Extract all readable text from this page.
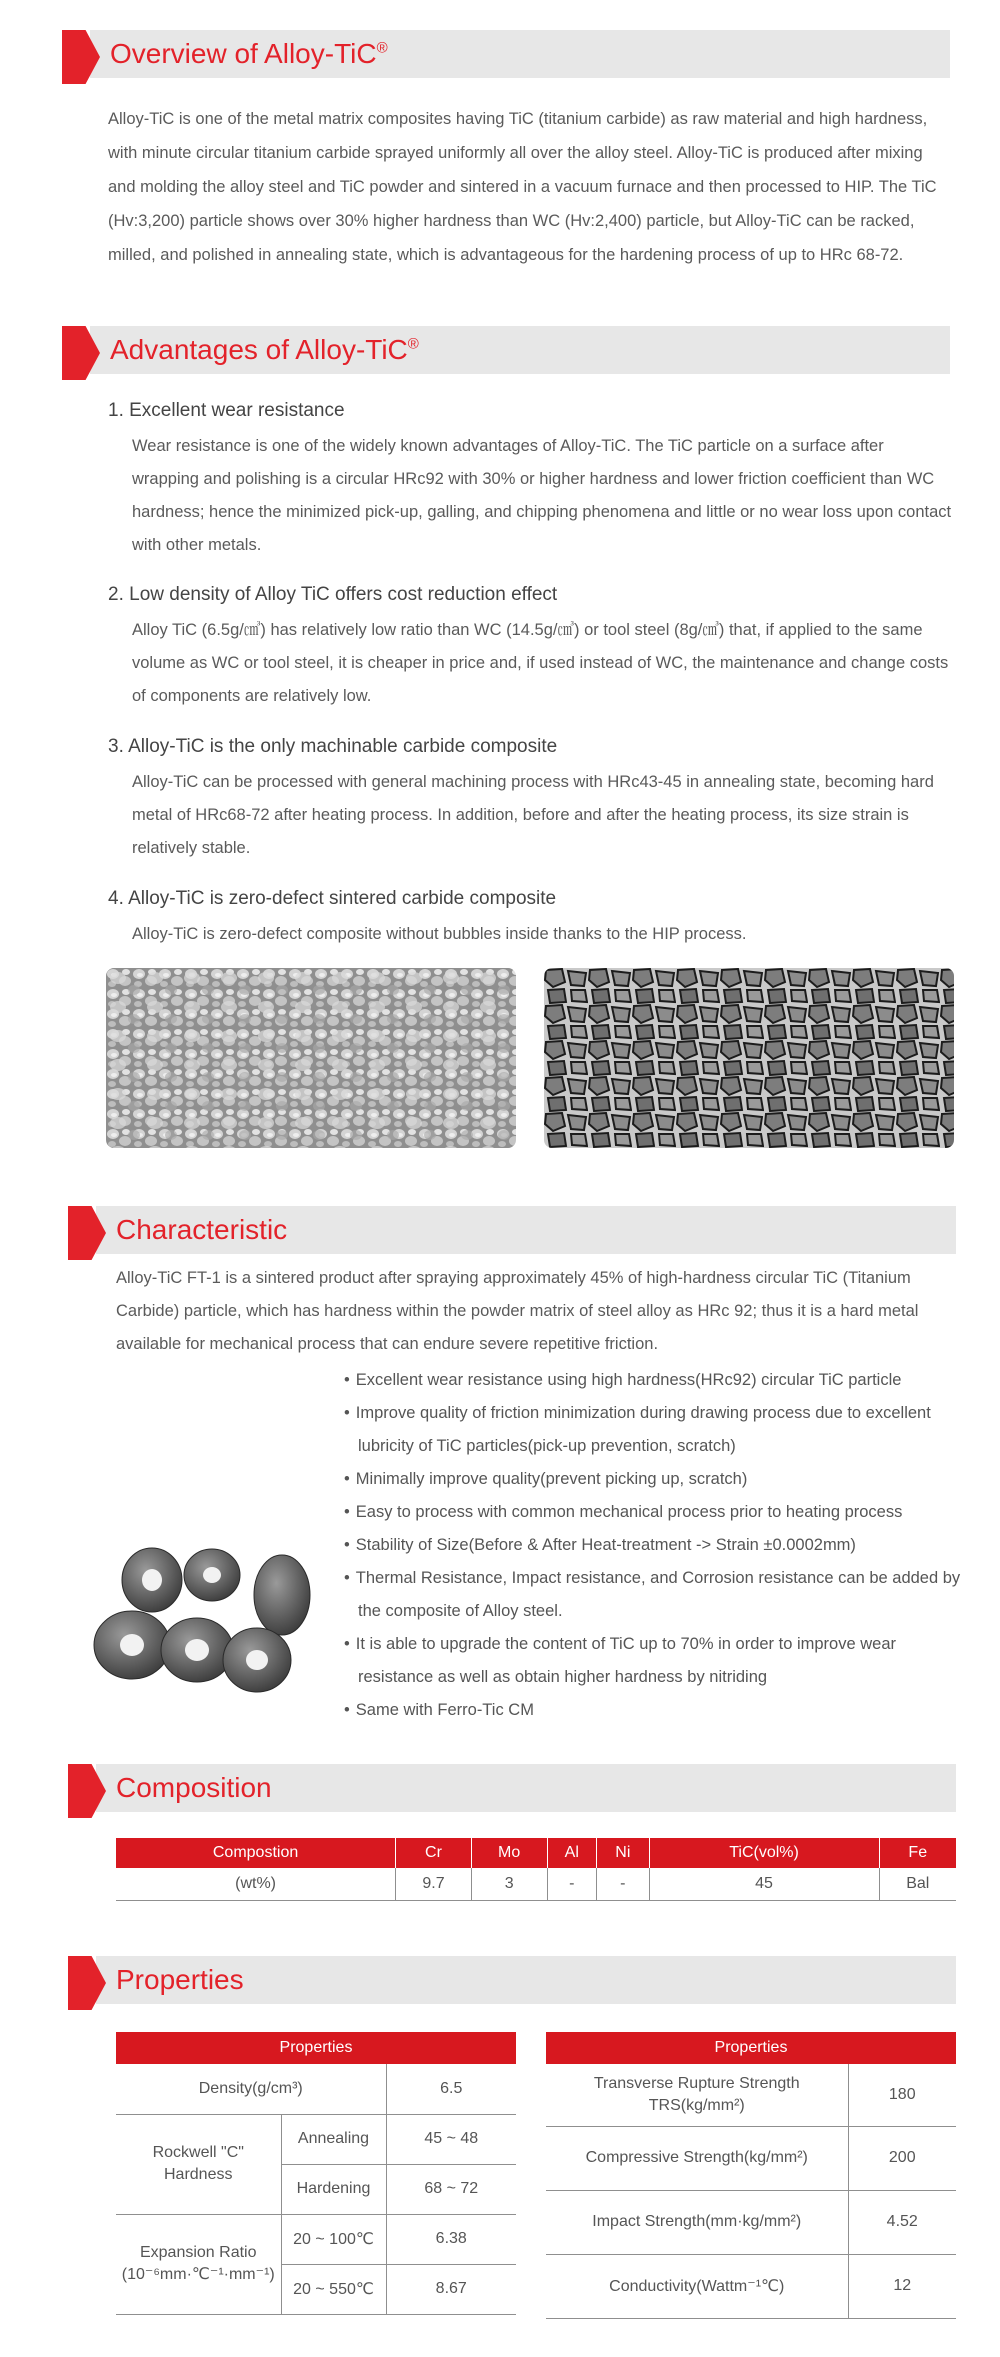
Overview of Alloy-TiC®

Alloy-TiC is one of the metal matrix composites having TiC (titanium carbide) as raw material and high hardness, with minute circular titanium carbide sprayed uniformly all over the alloy steel. Alloy-TiC is produced after mixing and molding the alloy steel and TiC powder and sintered in a vacuum furnace and then processed to HIP. The TiC (Hv:3,200) particle shows over 30% higher hardness than WC (Hv:2,400) particle, but Alloy-TiC can be racked, milled, and polished in annealing state, which is advantageous for the hardening process of up to HRc 68-72.

Advantages of Alloy-TiC®
1. Excellent wear resistance

Wear resistance is one of the widely known advantages of Alloy-TiC. The TiC particle on a surface after wrapping and polishing is a circular HRc92 with 30% or higher hardness and lower friction coefficient than WC hardness; hence the minimized pick-up, galling, and chipping phenomena and little or no wear loss upon contact with other metals.

2. Low density of Alloy TiC offers cost reduction effect

Alloy TiC (6.5g/㎤) has relatively low ratio than WC (14.5g/㎤) or tool steel (8g/㎤) that, if applied to the same volume as WC or tool steel, it is cheaper in price and, if used instead of WC, the maintenance and change costs of components are relatively low.

3. Alloy-TiC is the only machinable carbide composite

Alloy-TiC can be processed with general machining process with HRc43-45 in annealing state, becoming hard metal of HRc68-72 after heating process. In addition, before and after the heating process, its size strain is relatively stable.

4. Alloy-TiC is zero-defect sintered carbide composite

Alloy-TiC is zero-defect composite without bubbles inside thanks to the HIP process.

Characteristic

Alloy-TiC FT-1 is a sintered product after spraying approximately 45% of high-hardness circular TiC (Titanium Carbide) particle, which has hardness within the powder matrix of steel alloy as HRc 92; thus it is a hard metal available for mechanical process that can endure severe repetitive friction.

• Excellent wear resistance using high hardness(HRc92) circular TiC particle
• Improve quality of friction minimization during drawing process due to excellent lubricity of TiC particles(pick-up prevention, scratch)
• Minimally improve quality(prevent picking up, scratch)
• Easy to process with common mechanical process prior to heating process
• Stability of Size(Before & After Heat-treatment -> Strain ±0.0002mm)
• Thermal Resistance, Impact resistance, and Corrosion resistance can be added by the composite of Alloy steel.
• It is able to upgrade the content of TiC up to 70% in order to improve wear resistance as well as obtain higher hardness by nitriding
• Same with Ferro-Tic CM
Composition
Compostion	Cr	Mo	Al	Ni	TiC(vol%)	Fe
(wt%)	9.7	3	-	-	45	Bal
Properties
Properties		
Density(g/cm³)		6.5
Rockwell "C" Hardness	Annealing	45 ~ 48
	Hardening	68 ~ 72

Expansion Ratio
(10⁻⁶mm·℃⁻¹·mm⁻¹)	20 ~ 100℃	6.38
	20 ~ 550℃	8.67
Properties	
Transverse Rupture Strength TRS(kg/mm²)	180
Compressive Strength(kg/mm²)	200
Impact Strength(mm·kg/mm²)	4.52
Conductivity(Wattm⁻¹℃)	12
